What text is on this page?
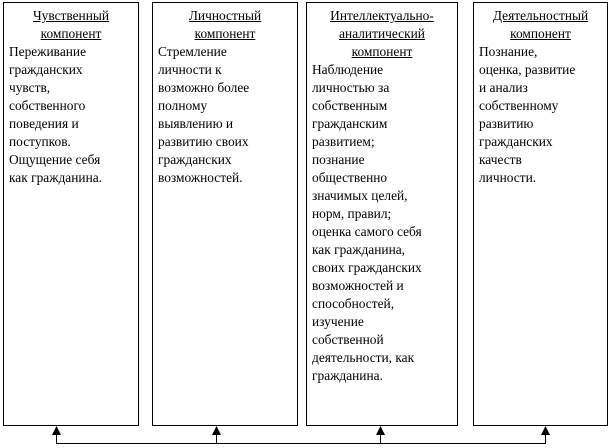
Чувственный
компонент
Переживание
гражданских
чувств,
собственного
поведения и
поступков.
Ощущение себя
как гражданина.
Личностный
компонент
Стремление
личности к
возможно более
полному
выявлению и
развитию своих
гражданских
возможностей.
Интеллектуально-
аналитический
компонент
Наблюдение
личностью за
собственным
гражданским
развитием;
познание
общественно
значимых целей,
норм, правил;
оценка самого себя
как гражданина,
своих гражданских
возможностей и
способностей,
изучение
собственной
деятельности, как
гражданина.
Деятельностный
компонент
Познание,
оценка, развитие
и анализ
собственному
развитию
гражданских
качеств
личности.
